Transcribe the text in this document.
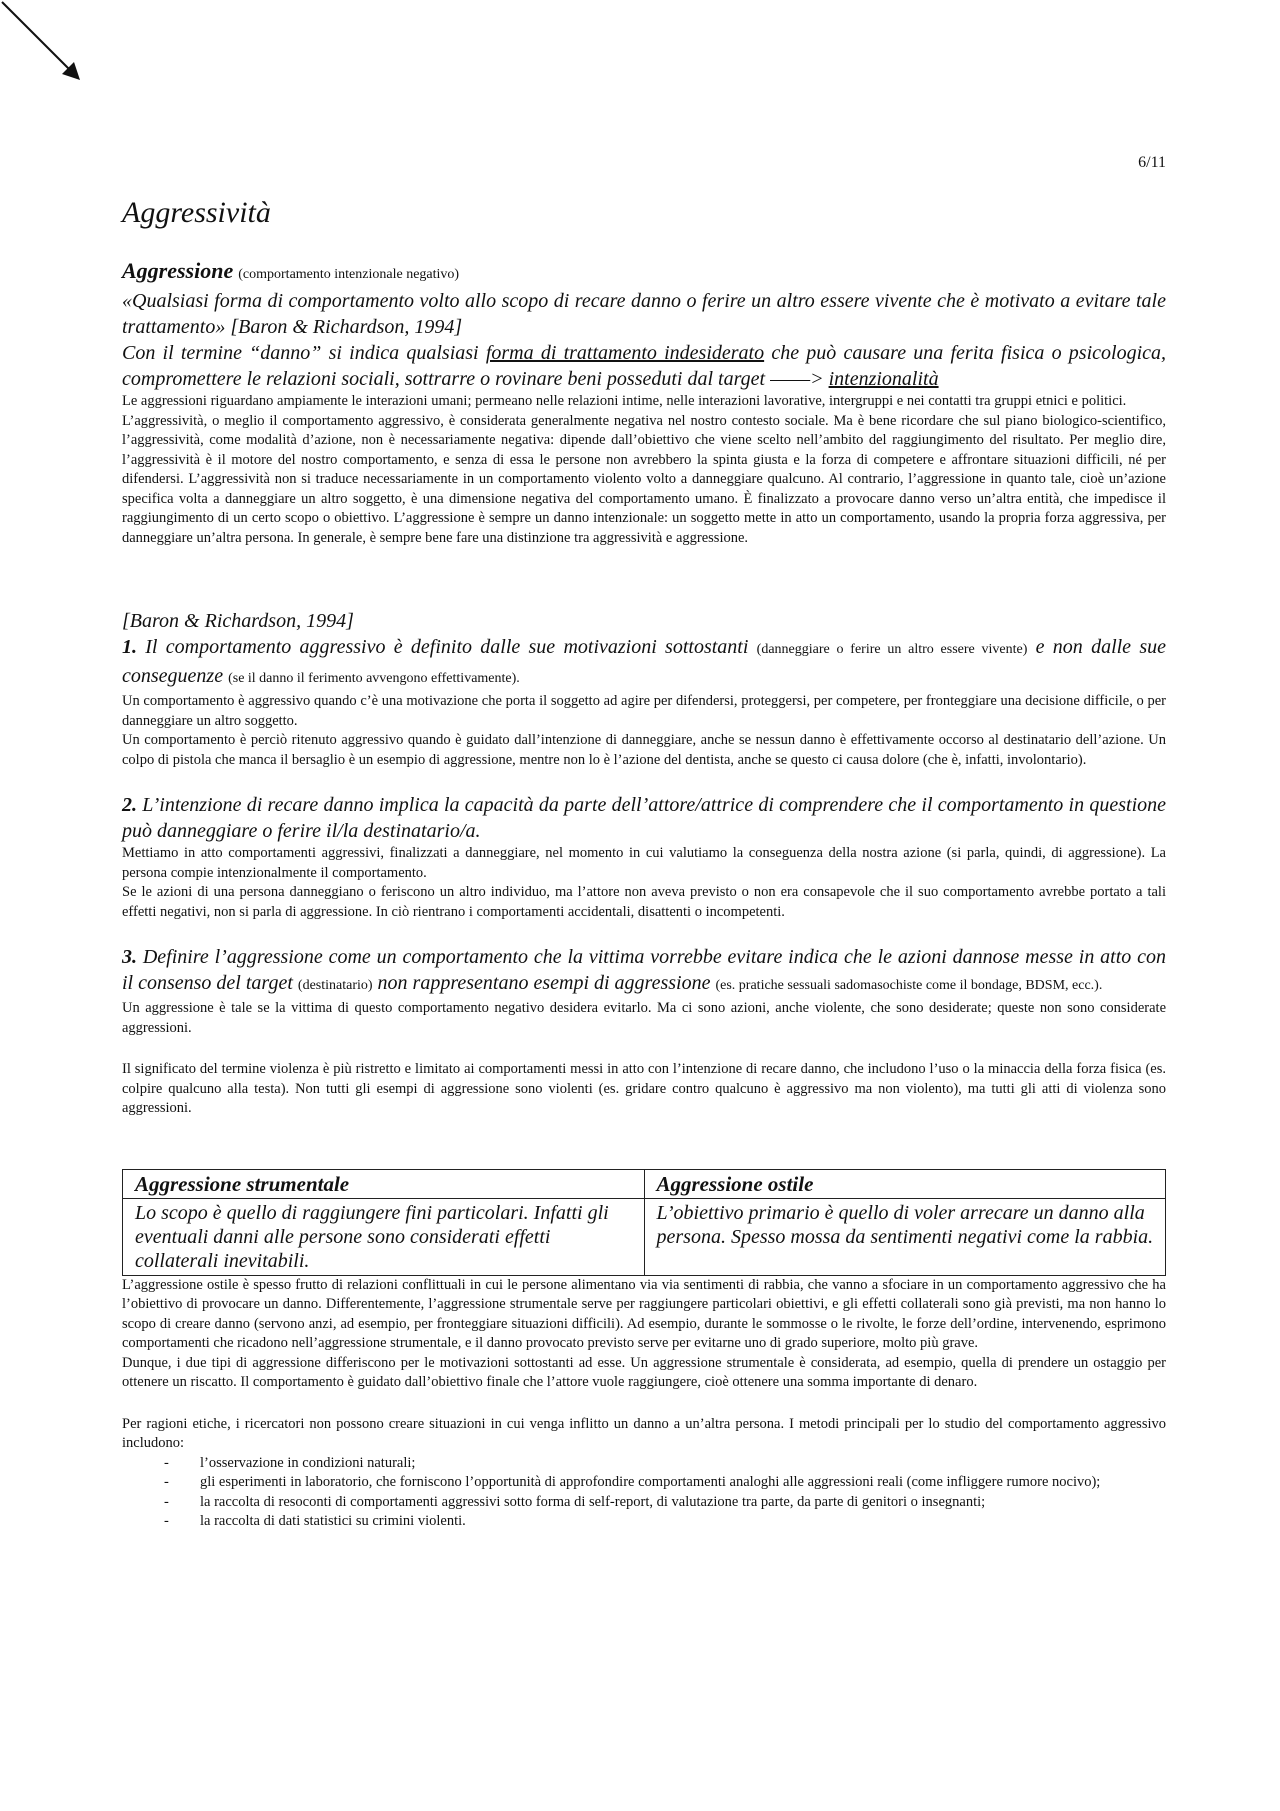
6/11
Aggressività

Aggressione (comportamento intenzionale negativo)

«Qualsiasi forma di comportamento volto allo scopo di recare danno o ferire un altro essere vivente che è motivato a evitare tale trattamento» [Baron & Richardson, 1994]

Con il termine “danno” si indica qualsiasi forma di trattamento indesiderato che può causare una ferita fisica o psicologica, compromettere le relazioni sociali, sottrarre o rovinare beni posseduti dal target ––––> intenzionalità

Le aggressioni riguardano ampiamente le interazioni umani; permeano nelle relazioni intime, nelle interazioni lavorative, intergruppi e nei contatti tra gruppi etnici e politici.

L’aggressività, o meglio il comportamento aggressivo, è considerata generalmente negativa nel nostro contesto sociale. Ma è bene ricordare che sul piano biologico-scientifico, l’aggressività, come modalità d’azione, non è necessariamente negativa: dipende dall’obiettivo che viene scelto nell’ambito del raggiungimento del risultato. Per meglio dire, l’aggressività è il motore del nostro comportamento, e senza di essa le persone non avrebbero la spinta giusta e la forza di competere e affrontare situazioni difficili, né per difendersi. L’aggressività non si traduce necessariamente in un comportamento violento volto a danneggiare qualcuno. Al contrario, l’aggressione in quanto tale, cioè un’azione specifica volta a danneggiare un altro soggetto, è una dimensione negativa del comportamento umano. È finalizzato a provocare danno verso un’altra entità, che impedisce il raggiungimento di un certo scopo o obiettivo. L’aggressione è sempre un danno intenzionale: un soggetto mette in atto un comportamento, usando la propria forza aggressiva, per danneggiare un’altra persona. In generale, è sempre bene fare una distinzione tra aggressività e aggressione.

[Baron & Richardson, 1994]

1. Il comportamento aggressivo è definito dalle sue motivazioni sottostanti (danneggiare o ferire un altro essere vivente) e non dalle sue conseguenze (se il danno il ferimento avvengono effettivamente).

Un comportamento è aggressivo quando c’è una motivazione che porta il soggetto ad agire per difendersi, proteggersi, per competere, per fronteggiare una decisione difficile, o per danneggiare un altro soggetto.

Un comportamento è perciò ritenuto aggressivo quando è guidato dall’intenzione di danneggiare, anche se nessun danno è effettivamente occorso al destinatario dell’azione. Un colpo di pistola che manca il bersaglio è un esempio di aggressione, mentre non lo è l’azione del dentista, anche se questo ci causa dolore (che è, infatti, involontario).

2. L’intenzione di recare danno implica la capacità da parte dell’attore/attrice di comprendere che il comportamento in questione può danneggiare o ferire il/la destinatario/a.

Mettiamo in atto comportamenti aggressivi, finalizzati a danneggiare, nel momento in cui valutiamo la conseguenza della nostra azione (si parla, quindi, di aggressione). La persona compie intenzionalmente il comportamento.

Se le azioni di una persona danneggiano o feriscono un altro individuo, ma l’attore non aveva previsto o non era consapevole che il suo comportamento avrebbe portato a tali effetti negativi, non si parla di aggressione. In ciò rientrano i comportamenti accidentali, disattenti o incompetenti.

3. Definire l’aggressione come un comportamento che la vittima vorrebbe evitare indica che le azioni dannose messe in atto con il consenso del target (destinatario) non rappresentano esempi di aggressione (es. pratiche sessuali sadomasochiste come il bondage, BDSM, ecc.).

Un aggressione è tale se la vittima di questo comportamento negativo desidera evitarlo. Ma ci sono azioni, anche violente, che sono desiderate; queste non sono considerate aggressioni.

Il significato del termine violenza è più ristretto e limitato ai comportamenti messi in atto con l’intenzione di recare danno, che includono l’uso o la minaccia della forza fisica (es. colpire qualcuno alla testa). Non tutti gli esempi di aggressione sono violenti (es. gridare contro qualcuno è aggressivo ma non violento), ma tutti gli atti di violenza sono aggressioni.

Aggressione strumentale	Aggressione ostile
Lo scopo è quello di raggiungere fini particolari. Infatti gli eventuali danni alle persone sono considerati effetti collaterali inevitabili.	L’obiettivo primario è quello di voler arrecare un danno alla persona. Spesso mossa da sentimenti negativi come la rabbia.

L’aggressione ostile è spesso frutto di relazioni conflittuali in cui le persone alimentano via via sentimenti di rabbia, che vanno a sfociare in un comportamento aggressivo che ha l’obiettivo di provocare un danno. Differentemente, l’aggressione strumentale serve per raggiungere particolari obiettivi, e gli effetti collaterali sono già previsti, ma non hanno lo scopo di creare danno (servono anzi, ad esempio, per fronteggiare situazioni difficili). Ad esempio, durante le sommosse o le rivolte, le forze dell’ordine, intervenendo, esprimono comportamenti che ricadono nell’aggressione strumentale, e il danno provocato previsto serve per evitarne uno di grado superiore, molto più grave.

Dunque, i due tipi di aggressione differiscono per le motivazioni sottostanti ad esse. Un aggressione strumentale è considerata, ad esempio, quella di prendere un ostaggio per ottenere un riscatto. Il comportamento è guidato dall’obiettivo finale che l’attore vuole raggiungere, cioè ottenere una somma importante di denaro.

Per ragioni etiche, i ricercatori non possono creare situazioni in cui venga inflitto un danno a un’altra persona. I metodi principali per lo studio del comportamento aggressivo includono:

- l’osservazione in condizioni naturali;
- gli esperimenti in laboratorio, che forniscono l’opportunità di approfondire comportamenti analoghi alle aggressioni reali (come infliggere rumore nocivo);
- la raccolta di resoconti di comportamenti aggressivi sotto forma di self-report, di valutazione tra parte, da parte di genitori o insegnanti;
- la raccolta di dati statistici su crimini violenti.
